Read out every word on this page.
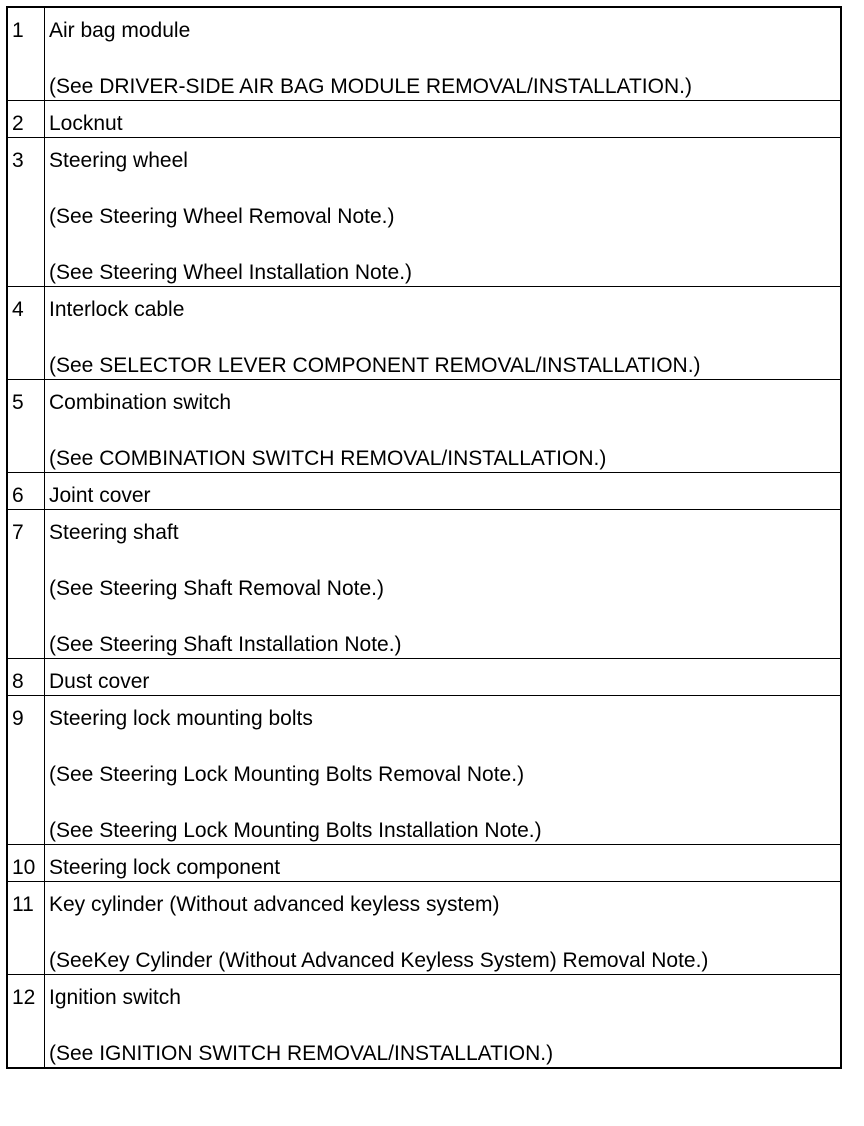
1	Air bag module
(See DRIVER-SIDE AIR BAG MODULE REMOVAL/INSTALLATION.)

2	Locknut

3	Steering wheel
(See Steering Wheel Removal Note.)
(See Steering Wheel Installation Note.)

4	Interlock cable
(See SELECTOR LEVER COMPONENT REMOVAL/INSTALLATION.)

5	Combination switch
(See COMBINATION SWITCH REMOVAL/INSTALLATION.)

6	Joint cover

7	Steering shaft
(See Steering Shaft Removal Note.)
(See Steering Shaft Installation Note.)

8	Dust cover

9	Steering lock mounting bolts
(See Steering Lock Mounting Bolts Removal Note.)
(See Steering Lock Mounting Bolts Installation Note.)

10	Steering lock component

11	Key cylinder (Without advanced keyless system)
(SeeKey Cylinder (Without Advanced Keyless System) Removal Note.)

12	Ignition switch
(See IGNITION SWITCH REMOVAL/INSTALLATION.)
